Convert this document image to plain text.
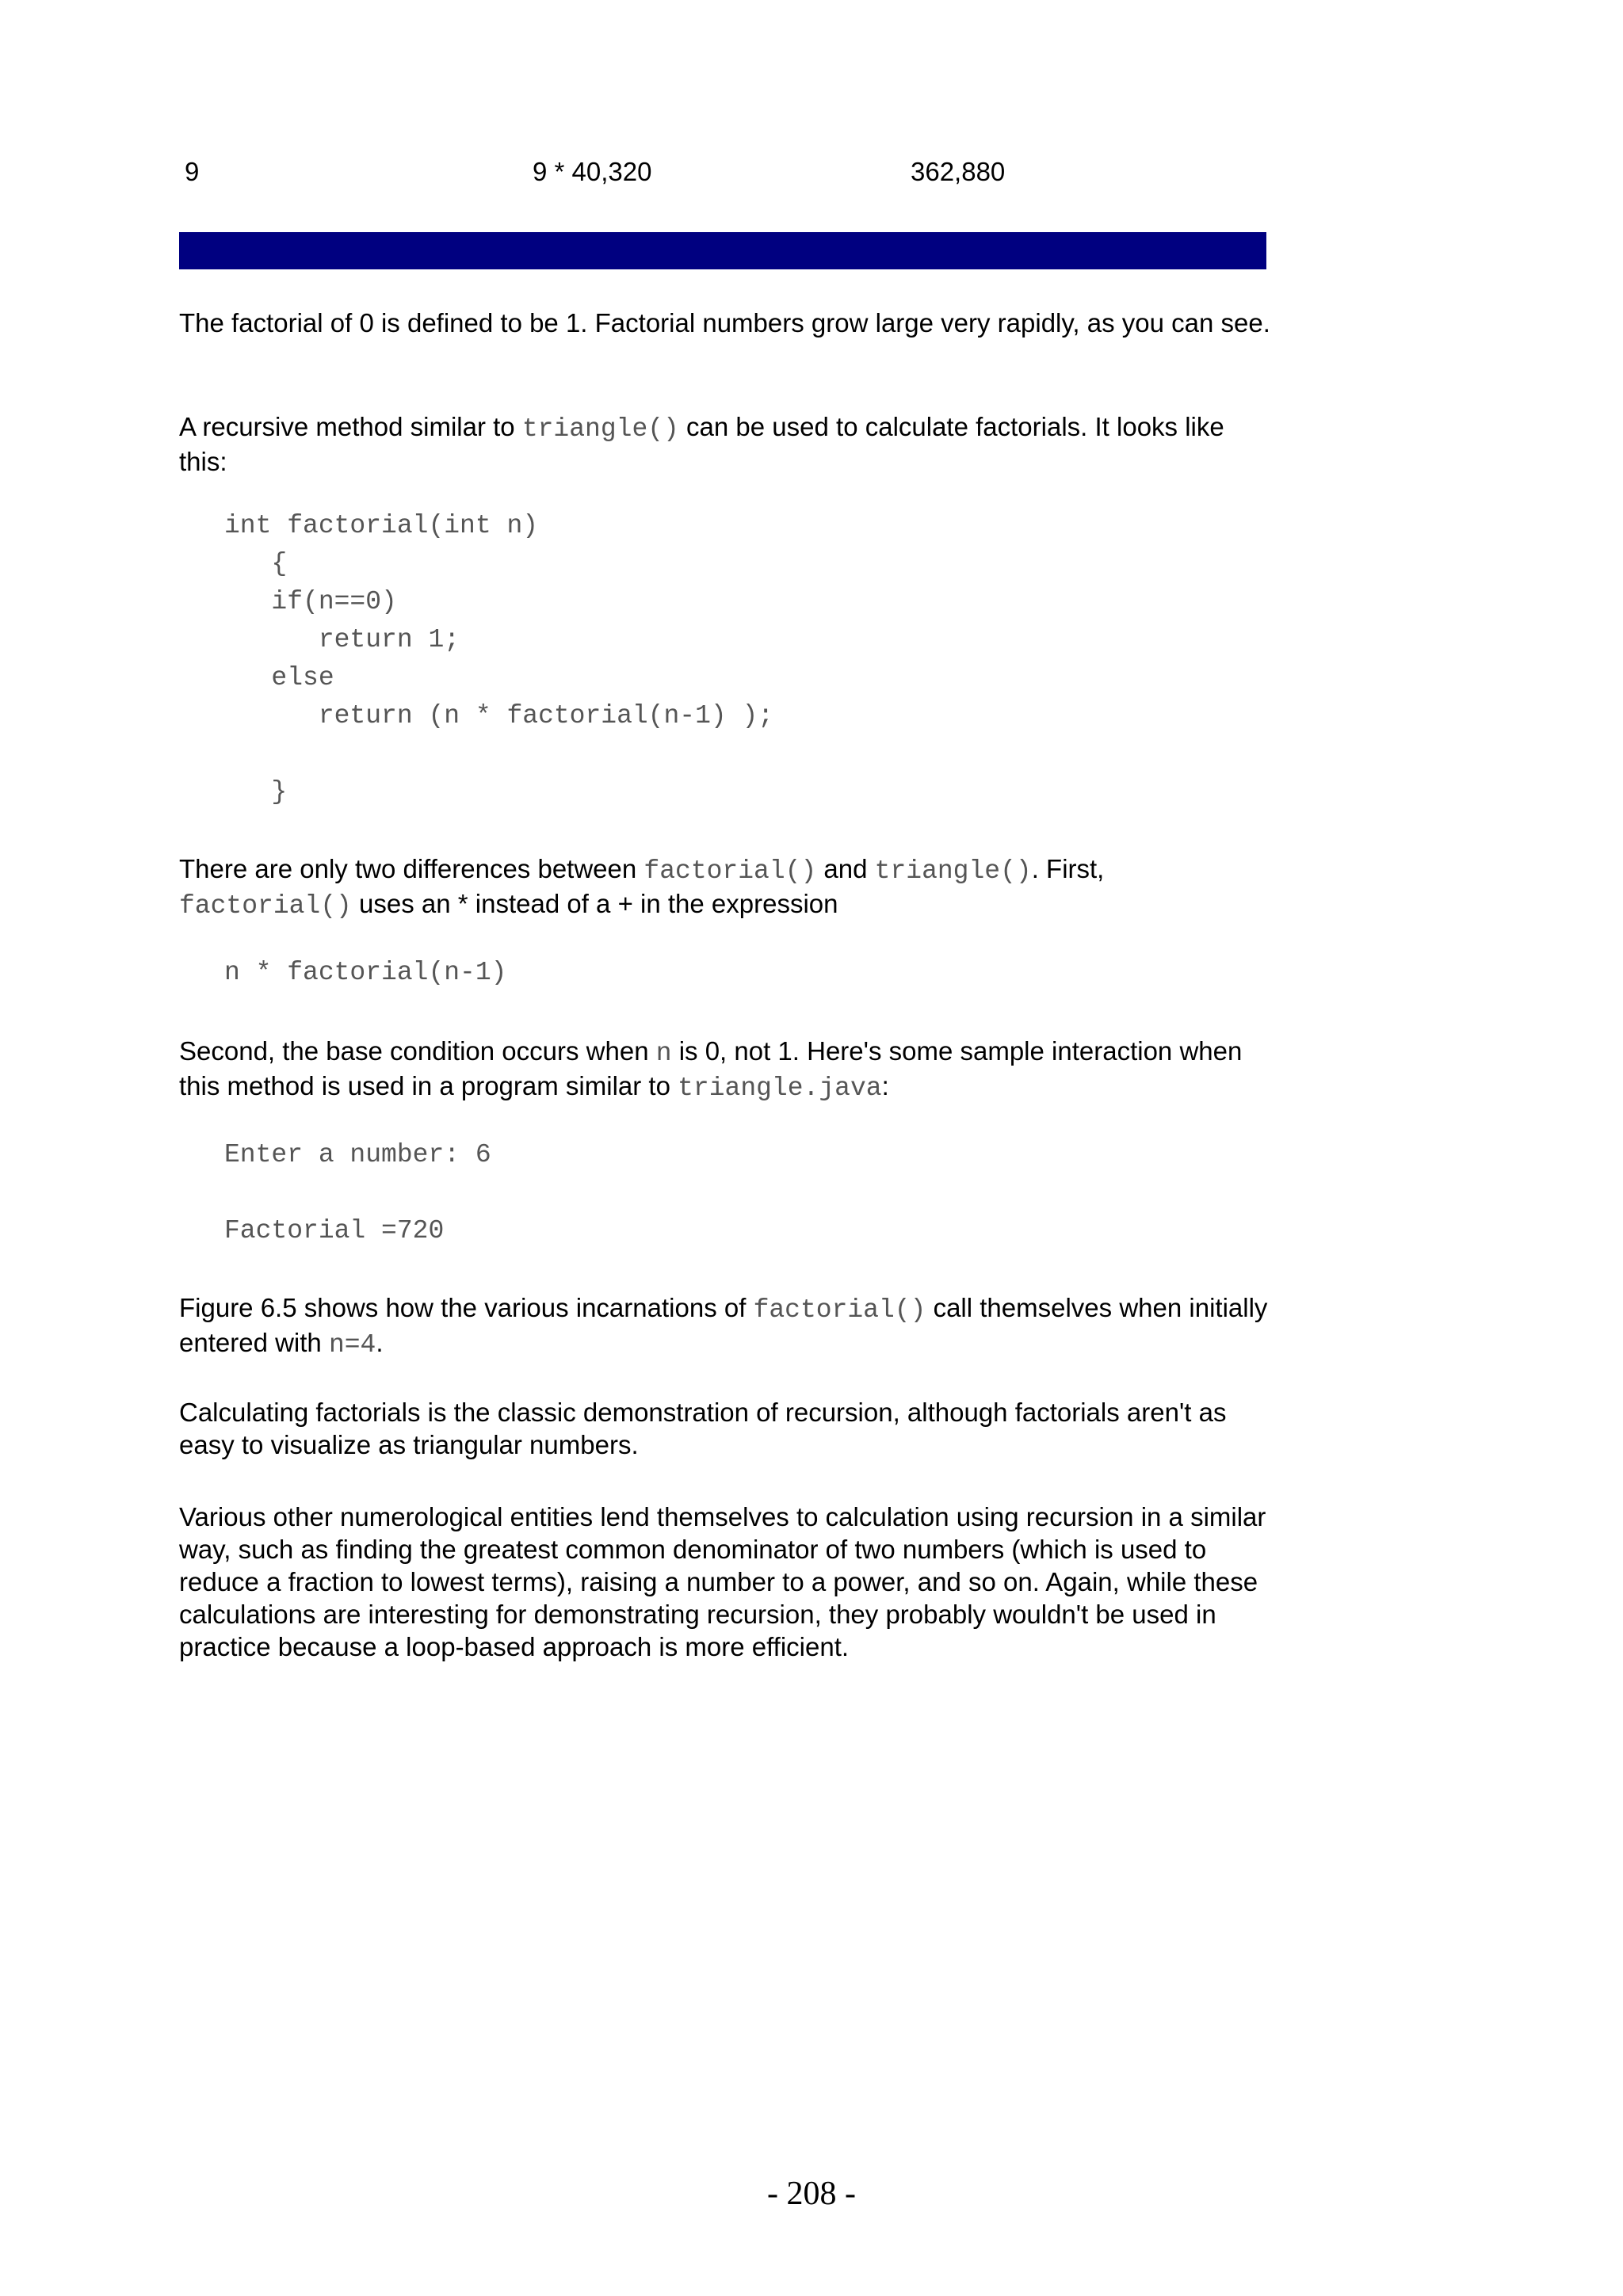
9	9 * 40,320	362,880

The factorial of 0 is defined to be 1. Factorial numbers grow large very rapidly, as you can see.

A recursive method similar to triangle() can be used to calculate factorials. It looks like this:

int factorial(int n)
{
if(n==0)
return 1;
else
return (n * factorial(n-1) );

}

There are only two differences between factorial() and triangle(). First, factorial() uses an * instead of a + in the expression

n * factorial(n-1)

Second, the base condition occurs when n is 0, not 1. Here's some sample interaction when this method is used in a program similar to triangle.java:

Enter a number: 6
Factorial =720

Figure 6.5 shows how the various incarnations of factorial() call themselves when initially entered with n=4.

Calculating factorials is the classic demonstration of recursion, although factorials aren't as easy to visualize as triangular numbers.

Various other numerological entities lend themselves to calculation using recursion in a similar way, such as finding the greatest common denominator of two numbers (which is used to reduce a fraction to lowest terms), raising a number to a power, and so on. Again, while these calculations are interesting for demonstrating recursion, they probably wouldn't be used in practice because a loop-based approach is more efficient.

- 208 -
